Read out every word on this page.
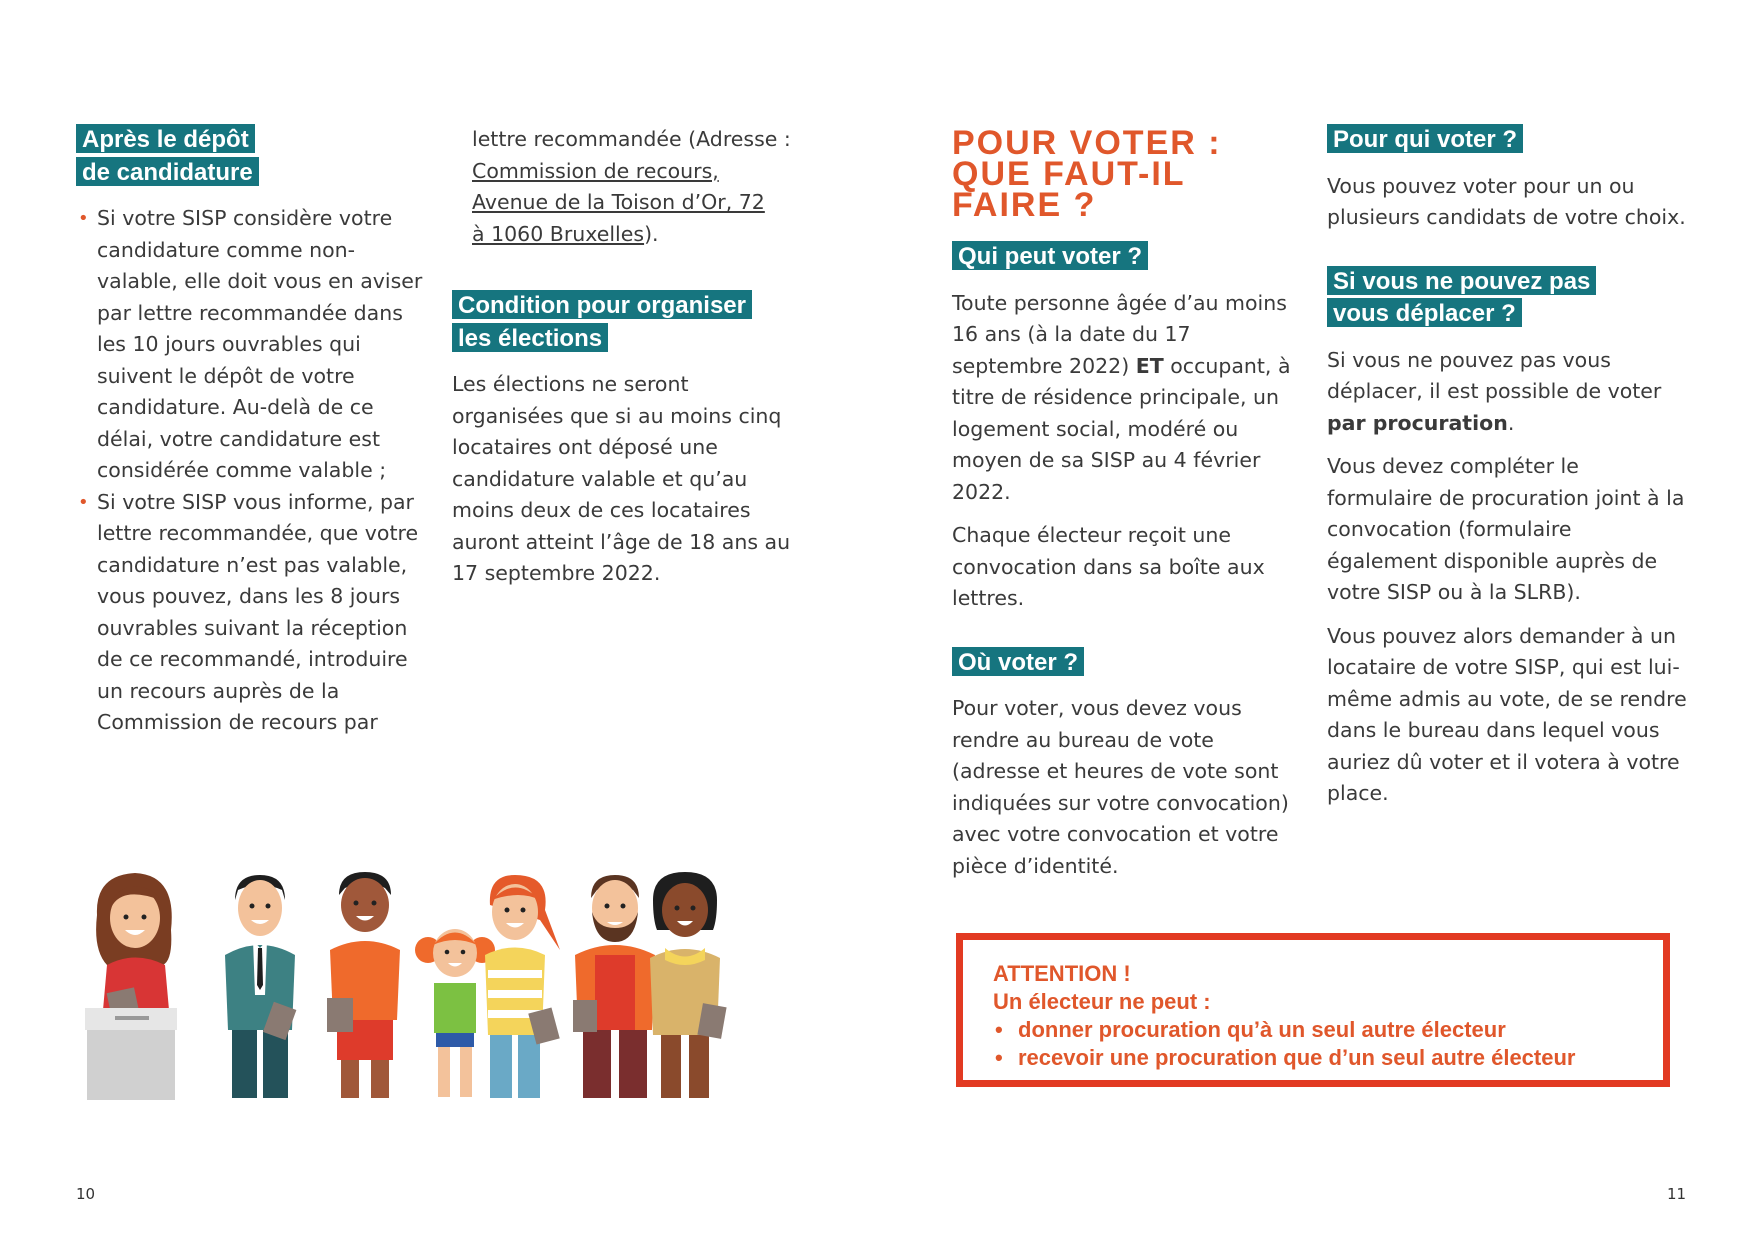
Après le dépôt
de candidature
• Si votre SISP considère votre candidature comme non-valable, elle doit vous en aviser par lettre recommandée dans les 10 jours ouvrables qui suivent le dépôt de votre candidature. Au-delà de ce délai, votre candidature est considérée comme valable ;
• Si votre SISP vous informe, par lettre recommandée, que votre candidature n’est pas valable, vous pouvez, dans les 8 jours ouvrables suivant la réception de ce recommandé, introduire un recours auprès de la Commission de recours par
lettre recommandée (Adresse :
Commission de recours,
Avenue de la Toison d’Or, 72
à 1060 Bruxelles).
Condition pour organiser
les élections

Les élections ne seront organisées que si au moins cinq locataires ont déposé une candidature valable et qu’au moins deux de ces locataires auront atteint l’âge de 18 ans au 17 septembre 2022.

10
POUR VOTER :
QUE FAUT-IL FAIRE ?
Qui peut voter ?

Toute personne âgée d’au moins 16 ans (à la date du 17 septembre 2022) ET occupant, à titre de résidence principale, un logement social, modéré ou moyen de sa SISP au 4 février 2022.

Chaque électeur reçoit une convocation dans sa boîte aux lettres.

Où voter ?

Pour voter, vous devez vous rendre au bureau de vote (adresse et heures de vote sont indiquées sur votre convocation) avec votre convocation et votre pièce d’identité.

Pour qui voter ?

Vous pouvez voter pour un ou plusieurs candidats de votre choix.

Si vous ne pouvez pas
vous déplacer ?

Si vous ne pouvez pas vous déplacer, il est possible de voter par procuration.

Vous devez compléter le formulaire de procuration joint à la convocation (formulaire également disponible auprès de votre SISP ou à la SLRB).

Vous pouvez alors demander à un locataire de votre SISP, qui est lui-même admis au vote, de se rendre dans le bureau dans lequel vous auriez dû voter et il votera à votre place.

ATTENTION !
Un électeur ne peut :
• donner procuration qu’à un seul autre électeur
• recevoir une procuration que d’un seul autre électeur
11
